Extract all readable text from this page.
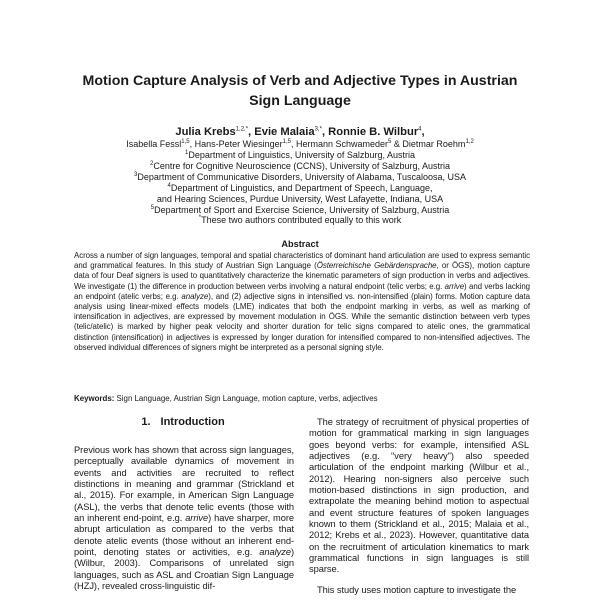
Motion Capture Analysis of Verb and Adjective Types in Austrian
Sign Language
Julia Krebs$^{1,2,*}$, Evie Malaia$^{3,*}$, Ronnie B. Wilbur$^4$,
Isabella Fessl$^{1,5}$, Hans-Peter Wiesinger$^{1,5}$, Hermann Schwameder$^5$ & Dietmar Roehm$^{1,2}$
$^1$Department of Linguistics, University of Salzburg, Austria
$^2$Centre for Cognitive Neuroscience (CCNS), University of Salzburg, Austria
$^3$Department of Communicative Disorders, University of Alabama, Tuscaloosa, USA
$^4$Department of Linguistics, and Department of Speech, Language,
and Hearing Sciences, Purdue University, West Lafayette, Indiana, USA
$^5$Department of Sport and Exercise Science, University of Salzburg, Austria
*These two authors contributed equally to this work
Abstract
Across a number of sign languages, temporal and spatial characteristics of dominant hand articulation are used to express semantic and grammatical features. In this study of Austrian Sign Language (Österreichische Gebärdensprache, or ÖGS), motion capture data of four Deaf signers is used to quantitatively characterize the kinematic parameters of sign production in verbs and adjectives. We investigate (1) the difference in production between verbs involving a natural endpoint (telic verbs; e.g. arrive) and verbs lacking an endpoint (atelic verbs; e.g. analyze), and (2) adjective signs in intensified vs. non-intensified (plain) forms. Motion capture data analysis using linear-mixed effects models (LME) indicates that both the endpoint marking in verbs, as well as marking of intensification in adjectives, are expressed by movement modulation in ÖGS. While the semantic distinction between verb types (telic/atelic) is marked by higher peak velocity and shorter duration for telic signs compared to atelic ones, the grammatical distinction (intensification) in adjectives is expressed by longer duration for intensified compared to non-intensified adjectives. The observed individual differences of signers might be interpreted as a personal signing style.
Keywords: Sign Language, Austrian Sign Language, motion capture, verbs, adjectives
1. Introduction

Previous work has shown that across sign languages, perceptually available dynamics of movement in events and activities are recruited to reflect distinctions in meaning and grammar (Strickland et al., 2015). For example, in American Sign Language (ASL), the verbs that denote telic events (those with an inherent end-point, e.g. arrive) have sharper, more abrupt articulation as compared to the verbs that denote atelic events (those without an inherent end-point, denoting states or activities, e.g. analyze) (Wilbur, 2003). Comparisons of unrelated sign languages, such as ASL and Croatian Sign Language (HZJ), revealed cross-linguistic dif-

The strategy of recruitment of physical properties of motion for grammatical marking in sign languages goes beyond verbs: for example, intensified ASL adjectives (e.g. "very heavy") also speeded articulation of the endpoint marking (Wilbur et al., 2012). Hearing non-signers also perceive such motion-based distinctions in sign production, and extrapolate the meaning behind motion to aspectual and event structure features of spoken languages known to them (Strickland et al., 2015; Malaia et al., 2012; Krebs et al., 2023). However, quantitative data on the recruitment of articulation kinematics to mark grammatical functions in sign languages is still sparse.

This study uses motion capture to investigate the
